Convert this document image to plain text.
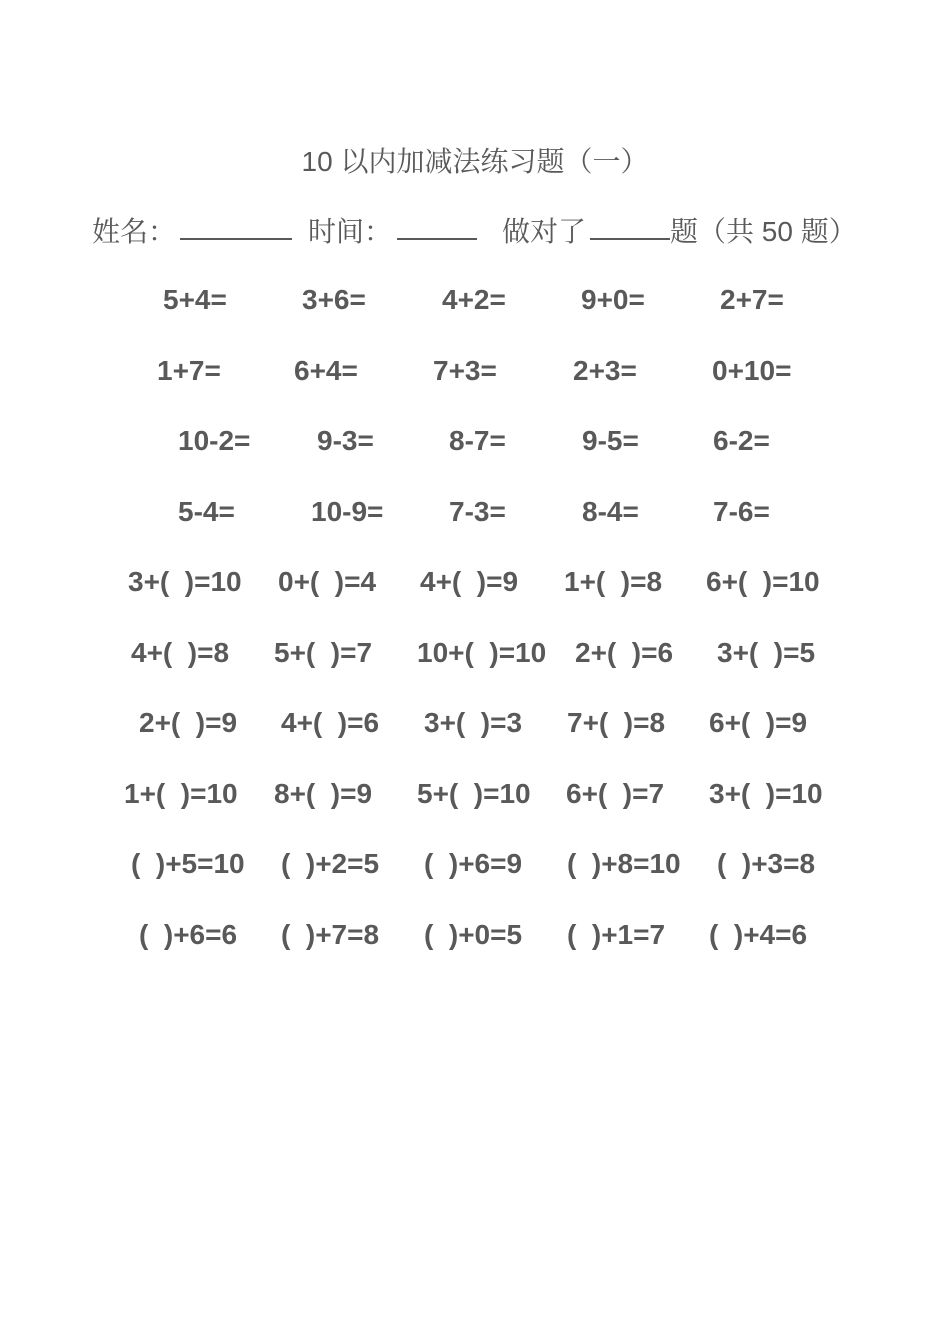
10 以内加减法练习题（一）
姓名：	时间：	做对了	题（共 50 题）
5+4=	3+6=	4+2=	9+0=	2+7=
1+7=	6+4=	7+3=	2+3=	0+10=
10-2= 9-3=	8-7=	9-5=	6-2=
5-4=	10-9= 7-3=	8-4=	7-6=
3+(  )=10 0+(  )=4 4+(  )=9 1+(  )=8 6+(  )=10
4+(  )=8 5+(  )=7 10+(  )=10 2+(  )=6 3+(  )=5
2+(  )=9 4+(  )=6 3+(  )=3 7+(  )=8 6+(  )=9
1+(  )=10 8+(  )=9 5+(  )=10 6+(  )=7 3+(  )=10
(  )+5=10 (  )+2=5 (  )+6=9 (  )+8=10 (  )+3=8
(  )+6=6 (  )+7=8 (  )+0=5 (  )+1=7 (  )+4=6
